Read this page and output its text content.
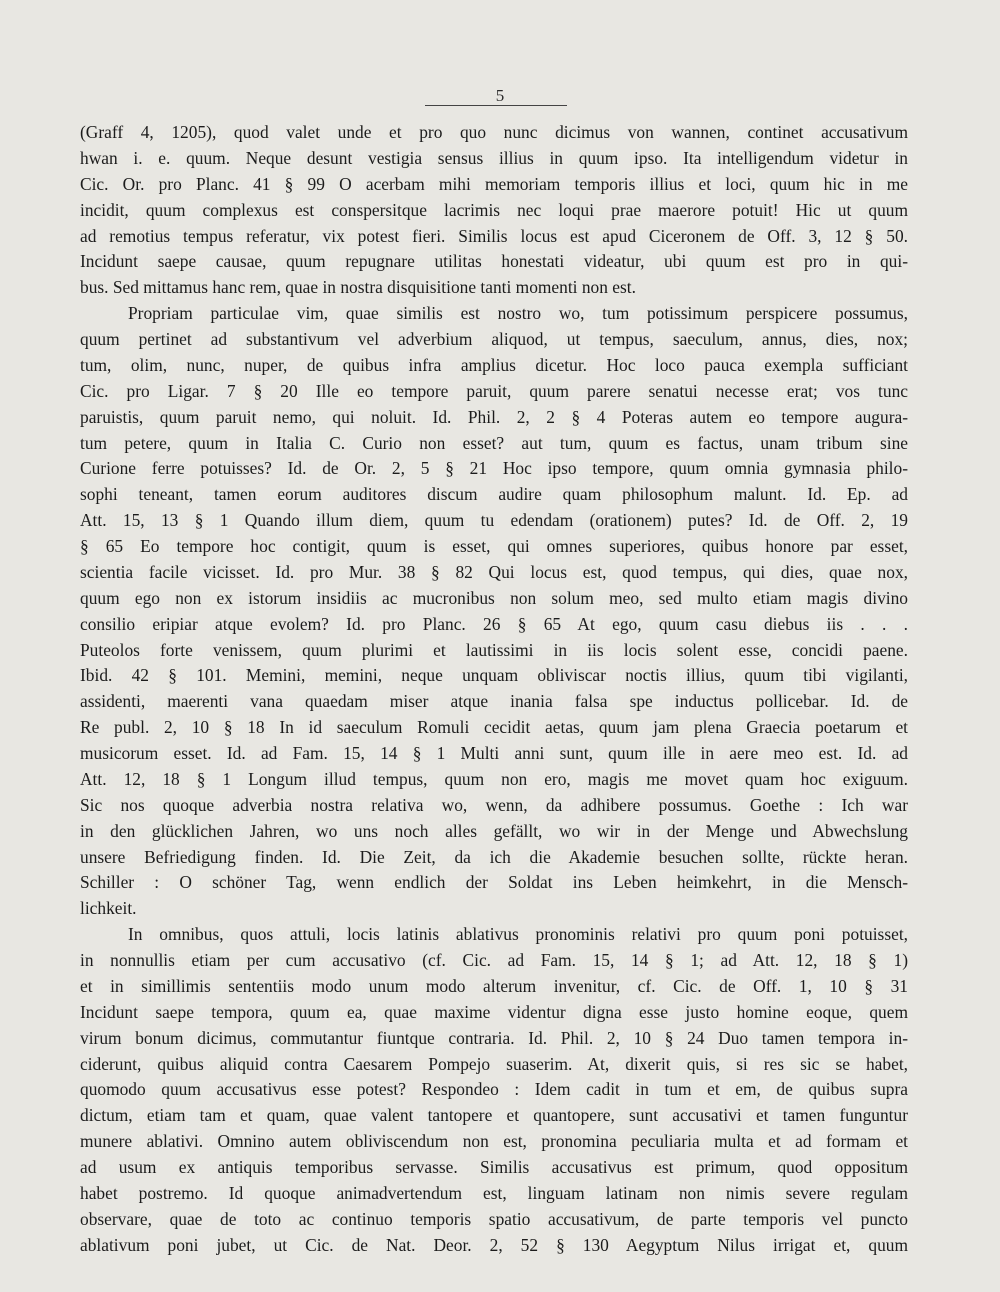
5
(Graff 4, 1205), quod valet unde et pro quo nunc dicimus von wannen, continet accusativum
hwan i. e. quum. Neque desunt vestigia sensus illius in quum ipso. Ita intelligendum videtur in
Cic. Or. pro Planc. 41 § 99 O acerbam mihi memoriam temporis illius et loci, quum hic in me
incidit, quum complexus est conspersitque lacrimis nec loqui prae maerore potuit! Hic ut quum
ad remotius tempus referatur, vix potest fieri. Similis locus est apud Ciceronem de Off. 3, 12 § 50.
Incidunt saepe causae, quum repugnare utilitas honestati videatur, ubi quum est pro in qui-
bus. Sed mittamus hanc rem, quae in nostra disquisitione tanti momenti non est.
Propriam particulae vim, quae similis est nostro wo, tum potissimum perspicere possumus,
quum pertinet ad substantivum vel adverbium aliquod, ut tempus, saeculum, annus, dies, nox;
tum, olim, nunc, nuper, de quibus infra amplius dicetur. Hoc loco pauca exempla sufficiant
Cic. pro Ligar. 7 § 20 Ille eo tempore paruit, quum parere senatui necesse erat; vos tunc
paruistis, quum paruit nemo, qui noluit. Id. Phil. 2, 2 § 4 Poteras autem eo tempore augura-
tum petere, quum in Italia C. Curio non esset? aut tum, quum es factus, unam tribum sine
Curione ferre potuisses? Id. de Or. 2, 5 § 21 Hoc ipso tempore, quum omnia gymnasia philo-
sophi teneant, tamen eorum auditores discum audire quam philosophum malunt. Id. Ep. ad
Att. 15, 13 § 1 Quando illum diem, quum tu edendam (orationem) putes? Id. de Off. 2, 19
§ 65 Eo tempore hoc contigit, quum is esset, qui omnes superiores, quibus honore par esset,
scientia facile vicisset. Id. pro Mur. 38 § 82 Qui locus est, quod tempus, qui dies, quae nox,
quum ego non ex istorum insidiis ac mucronibus non solum meo, sed multo etiam magis divino
consilio eripiar atque evolem? Id. pro Planc. 26 § 65 At ego, quum casu diebus iis . . .
Puteolos forte venissem, quum plurimi et lautissimi in iis locis solent esse, concidi paene.
Ibid. 42 § 101. Memini, memini, neque unquam obliviscar noctis illius, quum tibi vigilanti,
assidenti, maerenti vana quaedam miser atque inania falsa spe inductus pollicebar. Id. de
Re publ. 2, 10 § 18 In id saeculum Romuli cecidit aetas, quum jam plena Graecia poetarum et
musicorum esset. Id. ad Fam. 15, 14 § 1 Multi anni sunt, quum ille in aere meo est. Id. ad
Att. 12, 18 § 1 Longum illud tempus, quum non ero, magis me movet quam hoc exiguum.
Sic nos quoque adverbia nostra relativa wo, wenn, da adhibere possumus. Goethe : Ich war
in den glücklichen Jahren, wo uns noch alles gefällt, wo wir in der Menge und Abwechslung
unsere Befriedigung finden. Id. Die Zeit, da ich die Akademie besuchen sollte, rückte heran.
Schiller : O schöner Tag, wenn endlich der Soldat ins Leben heimkehrt, in die Mensch-
lichkeit.
In omnibus, quos attuli, locis latinis ablativus pronominis relativi pro quum poni potuisset,
in nonnullis etiam per cum accusativo (cf. Cic. ad Fam. 15, 14 § 1; ad Att. 12, 18 § 1)
et in simillimis sententiis modo unum modo alterum invenitur, cf. Cic. de Off. 1, 10 § 31
Incidunt saepe tempora, quum ea, quae maxime videntur digna esse justo homine eoque, quem
virum bonum dicimus, commutantur fiuntque contraria. Id. Phil. 2, 10 § 24 Duo tamen tempora in-
ciderunt, quibus aliquid contra Caesarem Pompejo suaserim. At, dixerit quis, si res sic se habet,
quomodo quum accusativus esse potest? Respondeo : Idem cadit in tum et em, de quibus supra
dictum, etiam tam et quam, quae valent tantopere et quantopere, sunt accusativi et tamen funguntur
munere ablativi. Omnino autem obliviscendum non est, pronomina peculiaria multa et ad formam et
ad usum ex antiquis temporibus servasse. Similis accusativus est primum, quod oppositum
habet postremo. Id quoque animadvertendum est, linguam latinam non nimis severe regulam
observare, quae de toto ac continuo temporis spatio accusativum, de parte temporis vel puncto
ablativum poni jubet, ut Cic. de Nat. Deor. 2, 52 § 130 Aegyptum Nilus irrigat et, quum
